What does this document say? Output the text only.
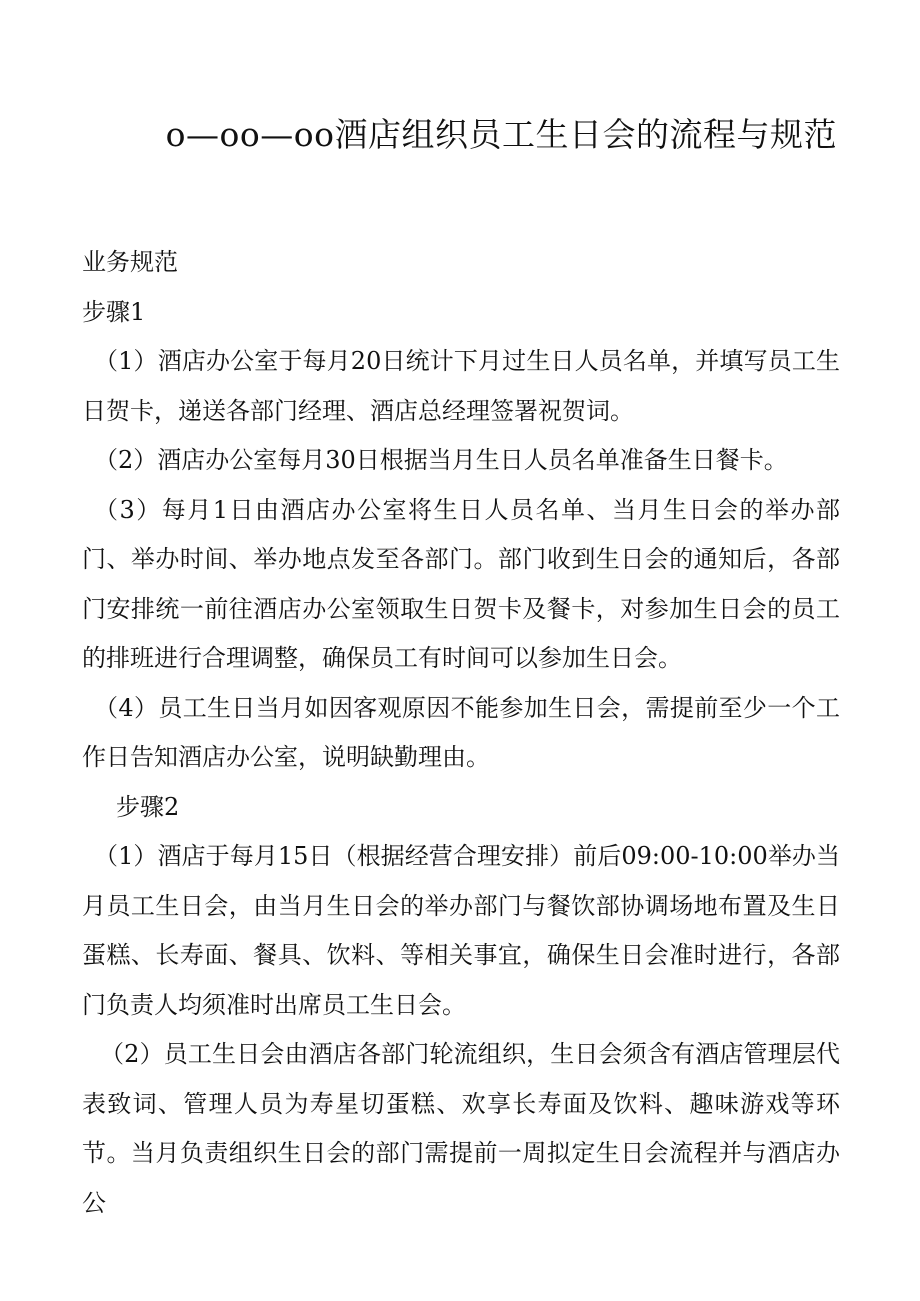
o—oo—oo酒店组织员工生日会的流程与规范

业务规范

步骤1

（1）酒店办公室于每月20日统计下月过生日人员名单，并填写员工生日贺卡，递送各部门经理、酒店总经理签署祝贺词。

（2）酒店办公室每月30日根据当月生日人员名单准备生日餐卡。

（3）每月1日由酒店办公室将生日人员名单、当月生日会的举办部门、举办时间、举办地点发至各部门。部门收到生日会的通知后，各部门安排统一前往酒店办公室领取生日贺卡及餐卡，对参加生日会的员工的排班进行合理调整，确保员工有时间可以参加生日会。

（4）员工生日当月如因客观原因不能参加生日会，需提前至少一个工作日告知酒店办公室，说明缺勤理由。

步骤2

（1）酒店于每月15日（根据经营合理安排）前后09:00-10:00举办当月员工生日会，由当月生日会的举办部门与餐饮部协调场地布置及生日蛋糕、长寿面、餐具、饮料、等相关事宜，确保生日会准时进行，各部门负责人均须准时出席员工生日会。

（2）员工生日会由酒店各部门轮流组织，生日会须含有酒店管理层代表致词、管理人员为寿星切蛋糕、欢享长寿面及饮料、趣味游戏等环节。当月负责组织生日会的部门需提前一周拟定生日会流程并与酒店办公
